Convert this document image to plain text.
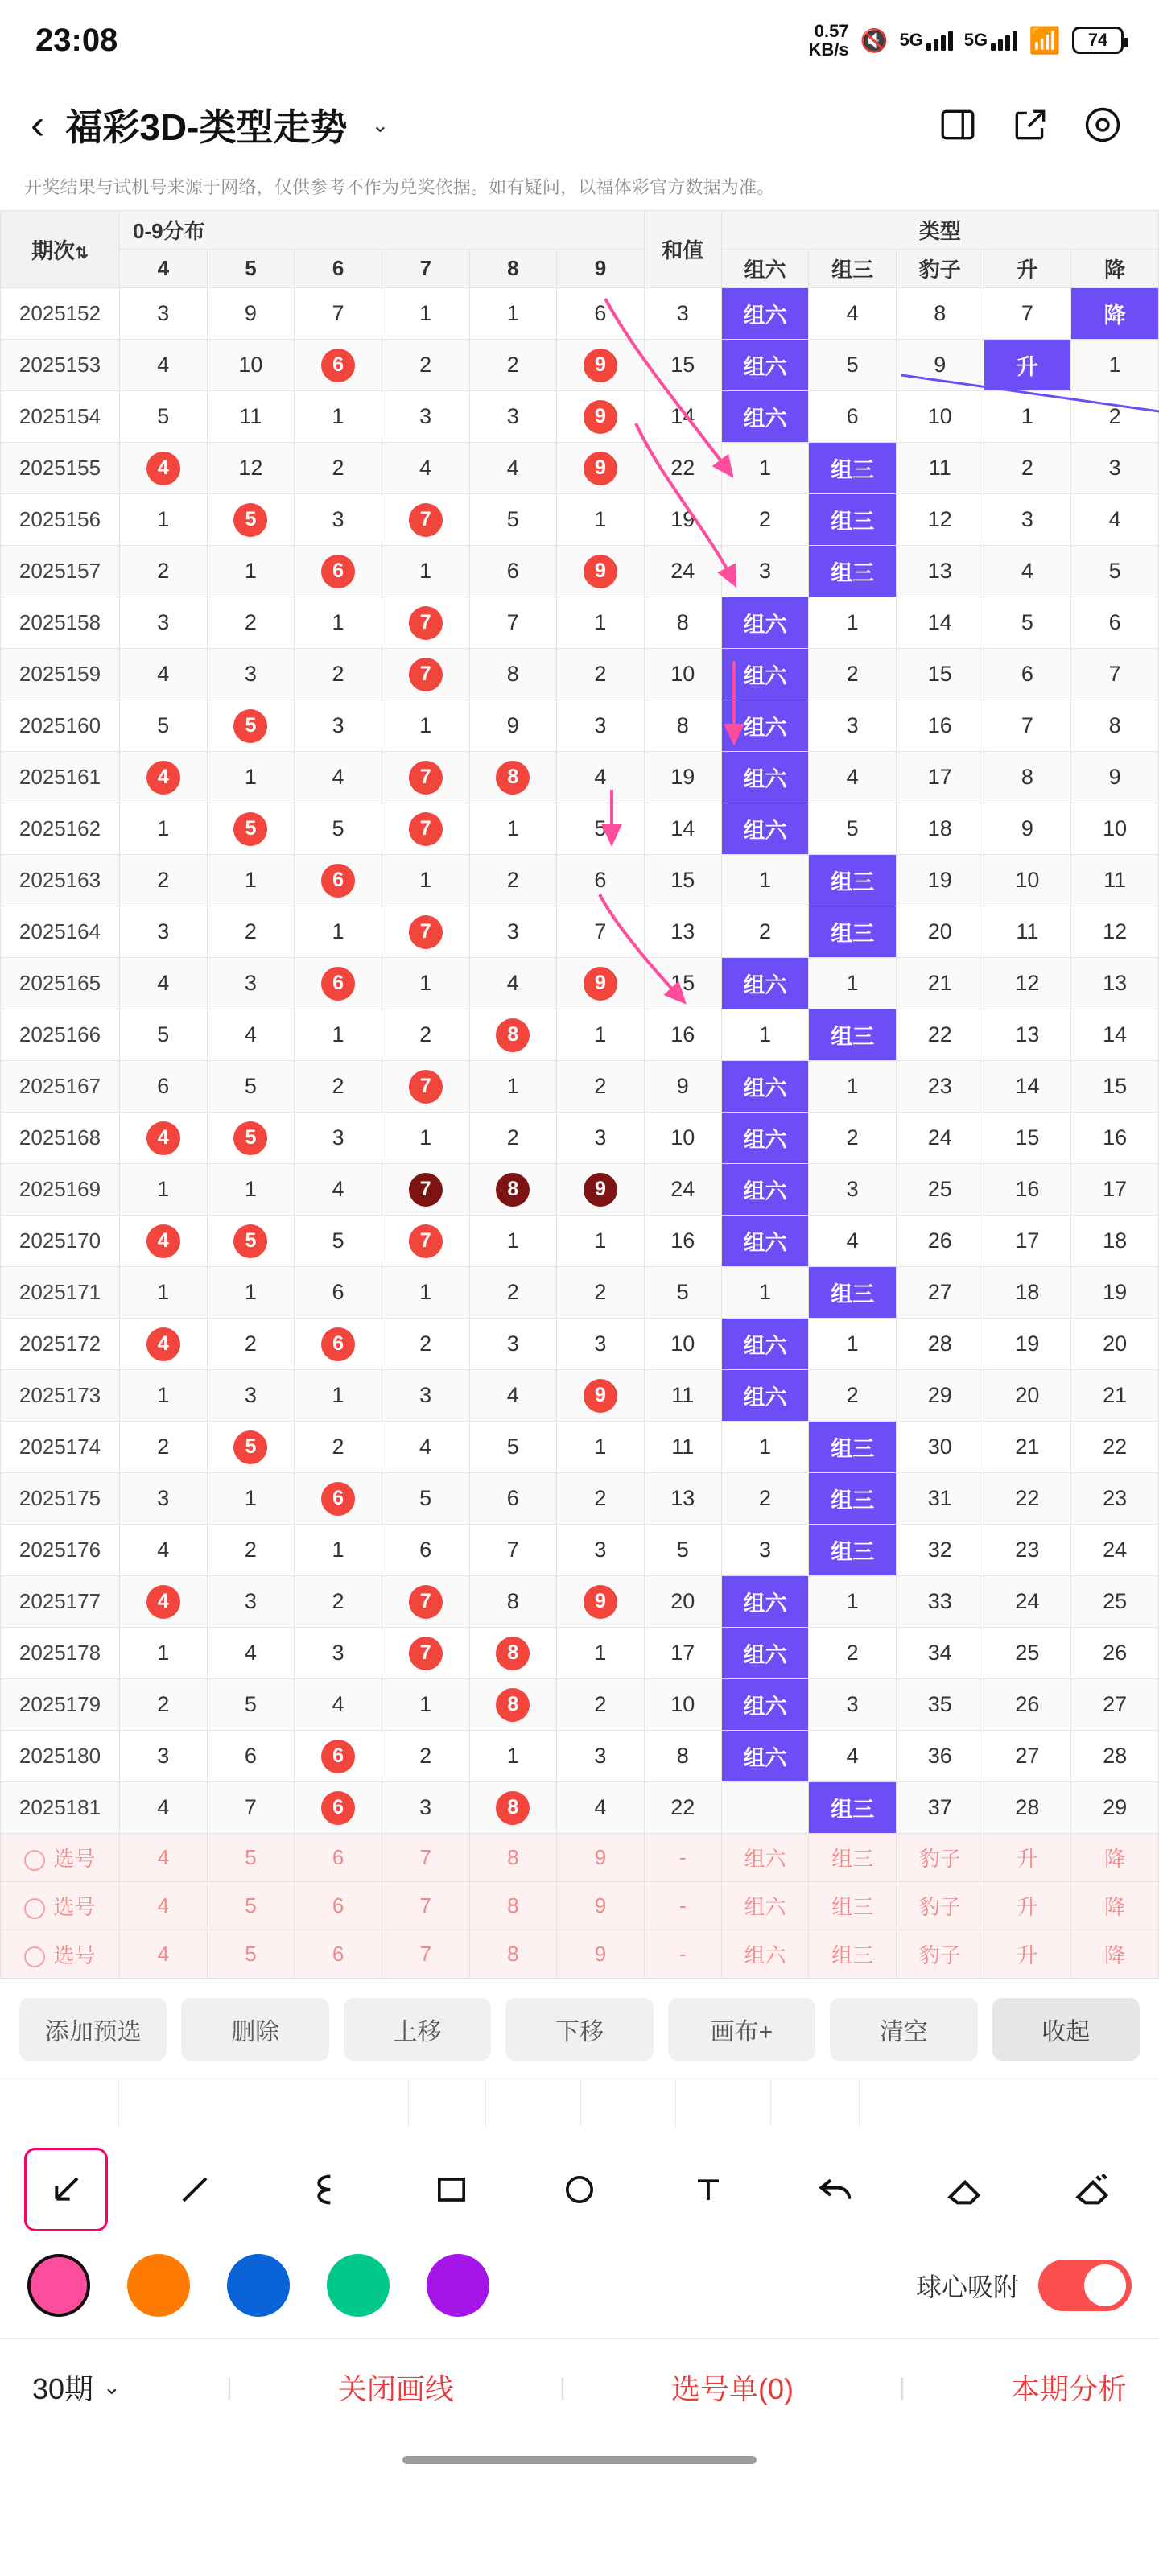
23:08	0.57
KB/s 🔇 5G 5G 📶 74
‹ 福彩3D-类型走势 ⌄
开奖结果与试机号来源于网络，仅供参考不作为兑奖依据。如有疑问，以福体彩官方数据为准。
期次⇅	0-9分布						和值	类型				
	4	5	6	7	8	9		组六	组三	豹子	升	降
2025152	3	9	7	1	1	6	3	组六	4	8	7	降
2025153	4	10	6	2	2	9	15	组六	5	9	升	1
2025154	5	11	1	3	3	9	14	组六	6	10	1	2
2025155	4	12	2	4	4	9	22	1	组三	11	2	3
2025156	1	5	3	7	5	1	19	2	组三	12	3	4
2025157	2	1	6	1	6	9	24	3	组三	13	4	5
2025158	3	2	1	7	7	1	8	组六	1	14	5	6
2025159	4	3	2	7	8	2	10	组六	2	15	6	7
2025160	5	5	3	1	9	3	8	组六	3	16	7	8
2025161	4	1	4	7	8	4	19	组六	4	17	8	9
2025162	1	5	5	7	1	5	14	组六	5	18	9	10
2025163	2	1	6	1	2	6	15	1	组三	19	10	11
2025164	3	2	1	7	3	7	13	2	组三	20	11	12
2025165	4	3	6	1	4	9	15	组六	1	21	12	13
2025166	5	4	1	2	8	1	16	1	组三	22	13	14
2025167	6	5	2	7	1	2	9	组六	1	23	14	15
2025168	4	5	3	1	2	3	10	组六	2	24	15	16
2025169	1	1	4	7	8	9	24	组六	3	25	16	17
2025170	4	5	5	7	1	1	16	组六	4	26	17	18
2025171	1	1	6	1	2	2	5	1	组三	27	18	19
2025172	4	2	6	2	3	3	10	组六	1	28	19	20
2025173	1	3	1	3	4	9	11	组六	2	29	20	21
2025174	2	5	2	4	5	1	11	1	组三	30	21	22
2025175	3	1	6	5	6	2	13	2	组三	31	22	23
2025176	4	2	1	6	7	3	5	3	组三	32	23	24
2025177	4	3	2	7	8	9	20	组六	1	33	24	25
2025178	1	4	3	7	8	1	17	组六	2	34	25	26
2025179	2	5	4	1	8	2	10	组六	3	35	26	27
2025180	3	6	6	2	1	3	8	组六	4	36	27	28
2025181	4	7	6	3	8	4	22		组三	37	28	29
选号	4	5	6	7	8	9	-	组六	组三	豹子	升	降
选号	4	5	6	7	8	9	-	组六	组三	豹子	升	降
选号	4	5	6	7	8	9	-	组六	组三	豹子	升	降
添加预选	删除	上移	下移	画布+	清空	收起
球心吸附
30期 ⌄	|	关闭画线	|	选号单(0)	|	本期分析
